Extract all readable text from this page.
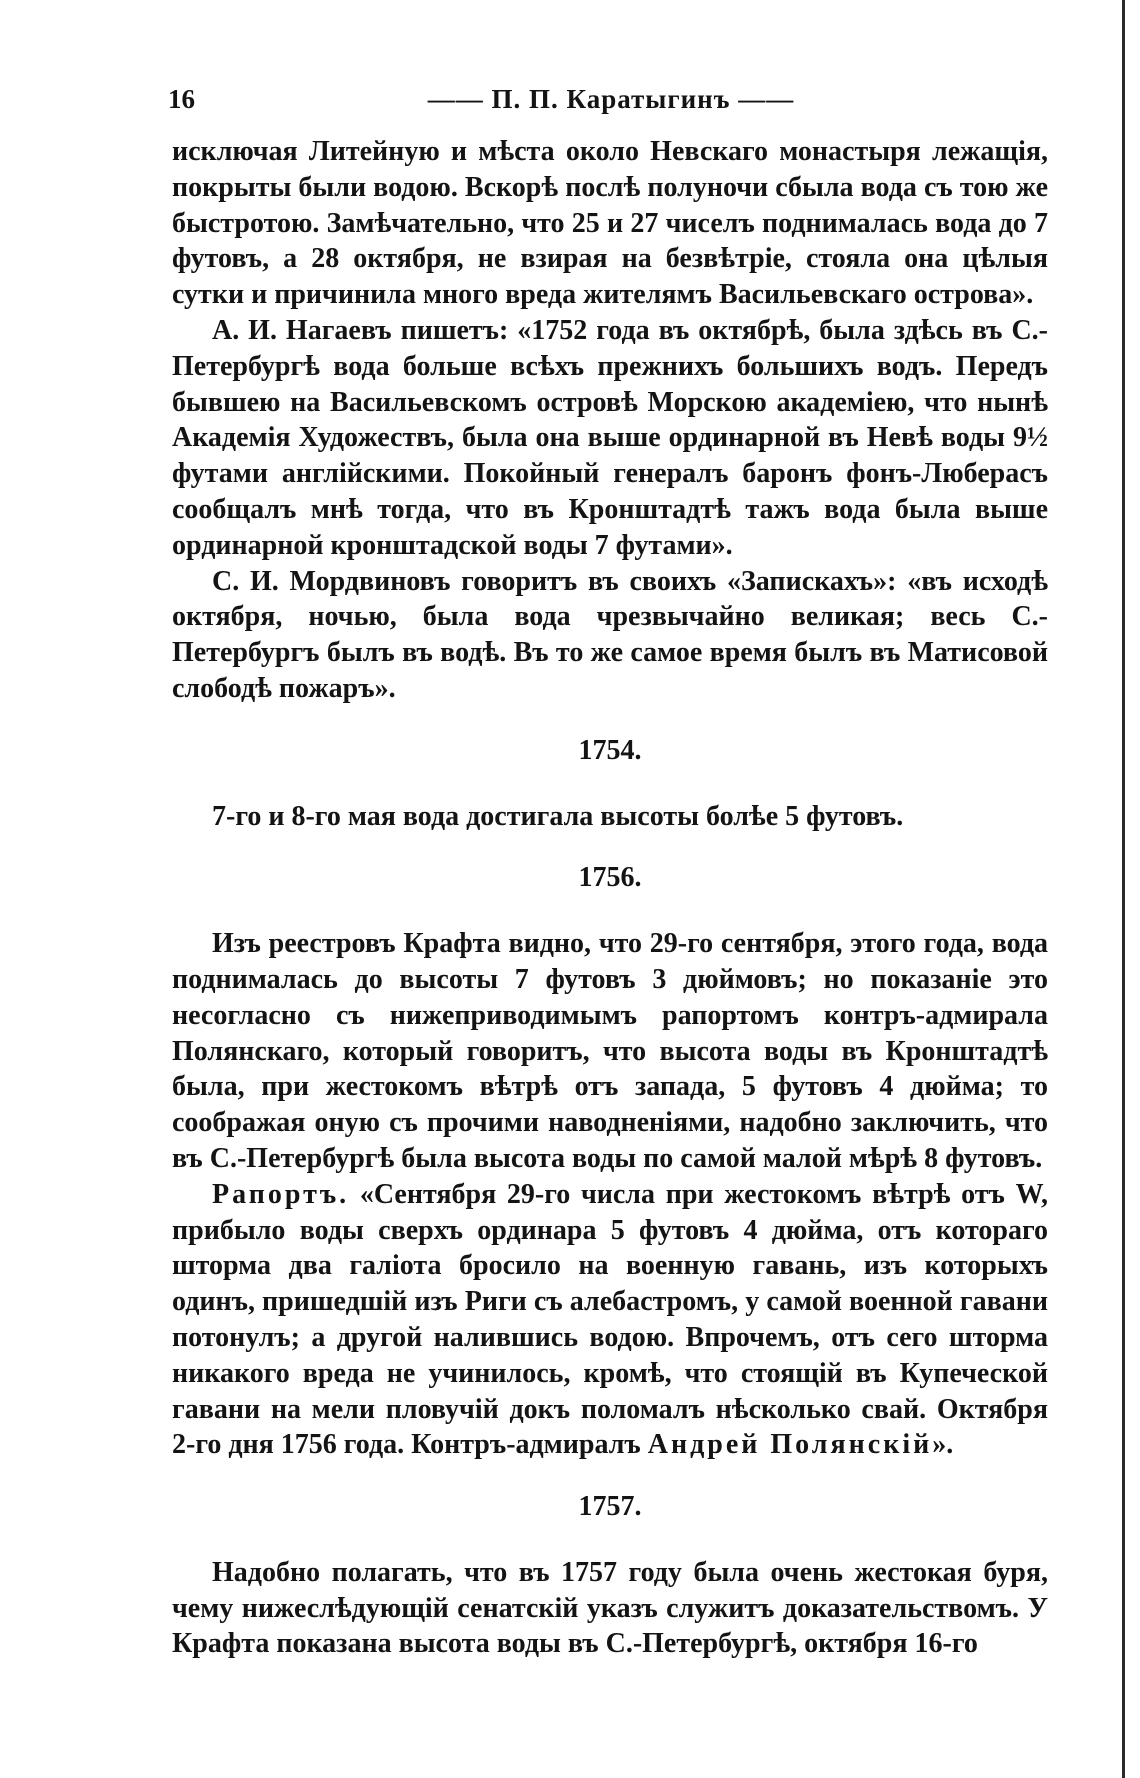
16	—— П. П. Каратыгинъ ——

исключая Литейную и мѣста около Невскаго монастыря лежащія, покрыты были водою. Вскорѣ послѣ полуночи сбыла вода съ тою же быстротою. Замѣчательно, что 25 и 27 чиселъ поднималась вода до 7 футовъ, а 28 октября, не взирая на безвѣтріе, стояла она цѣлыя сутки и причинила много вреда жителямъ Васильевскаго острова».

А. И. Нагаевъ пишетъ: «1752 года въ октябрѣ, была здѣсь въ С.-Петербургѣ вода больше всѣхъ прежнихъ большихъ водъ. Передъ бывшею на Васильевскомъ островѣ Морскою академіею, что нынѣ Академія Художествъ, была она выше ординарной въ Невѣ воды 9½ футами англійскими. Покойный генералъ баронъ фонъ-Люберасъ сообщалъ мнѣ тогда, что въ Кронштадтѣ тажъ вода была выше ординарной кронштадской воды 7 футами».

С. И. Мордвиновъ говоритъ въ своихъ «Запискахъ»: «въ исходѣ октября, ночью, была вода чрезвычайно великая; весь С.-Петербургъ былъ въ водѣ. Въ то же самое время былъ въ Матисовой слободѣ пожаръ».

1754.

7-го и 8-го мая вода достигала высоты болѣе 5 футовъ.

1756.

Изъ реестровъ Крафта видно, что 29-го сентября, этого года, вода поднималась до высоты 7 футовъ 3 дюймовъ; но показаніе это несогласно съ нижеприводимымъ рапортомъ контръ-адмирала Полянскаго, который говоритъ, что высота воды въ Кронштадтѣ была, при жестокомъ вѣтрѣ отъ запада, 5 футовъ 4 дюйма; то соображая оную съ прочими наводненіями, надобно заключить, что въ С.-Петербургѣ была высота воды по самой малой мѣрѣ 8 футовъ.

Рапортъ. «Сентября 29-го числа при жестокомъ вѣтрѣ отъ W, прибыло воды сверхъ ординара 5 футовъ 4 дюйма, отъ котораго шторма два галіота бросило на военную гавань, изъ которыхъ одинъ, пришедшій изъ Риги съ алебастромъ, у самой военной гавани потонулъ; а другой налившись водою. Впрочемъ, отъ сего шторма никакого вреда не учинилось, кромѣ, что стоящій въ Купеческой гавани на мели пловучій докъ поломалъ нѣсколько свай. Октября 2-го дня 1756 года. Контръ-адмиралъ Андрей Полянскій».

1757.

Надобно полагать, что въ 1757 году была очень жестокая буря, чему нижеслѣдующій сенатскій указъ служитъ доказательствомъ. У Крафта показана высота воды въ С.-Петербургѣ, октября 16-го
